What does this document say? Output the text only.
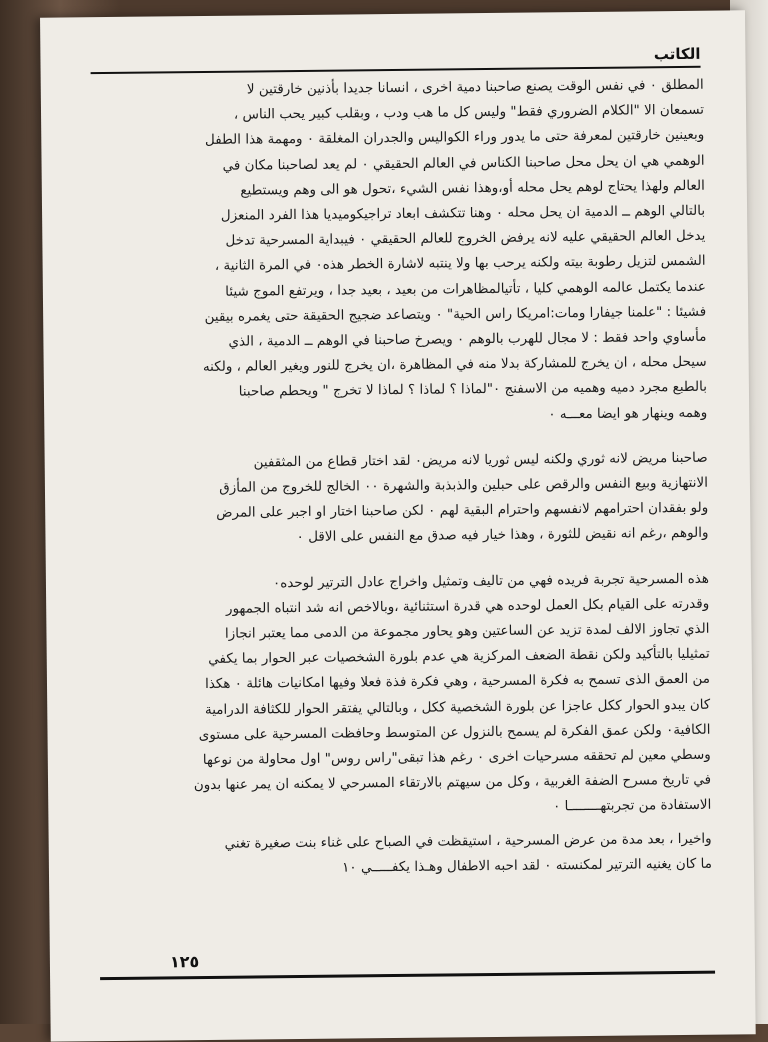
الكاتب
المطلق ٠ في نفس الوقت يصنع صاحبنا دمية اخرى ، انسانا جديدا بأذنين خارقتين لا
تسمعان الا "الكلام الضروري فقط" وليس كل ما هب ودب ، وبقلب كبير يحب الناس ،
وبعينين خارقتين لمعرفة حتى ما يدور وراء الكواليس والجدران المغلقة ٠ ومهمة هذا الطفل
الوهمي هي ان يحل محل صاحبنا الكناس في العالم الحقيقي ٠ لم يعد لصاحبنا مكان في
العالم ولهذا يحتاج لوهم يحل محله أو،وهذا نفس الشيء ،تحول هو الى وهم ويستطيع
بالتالي الوهم ــ الدمية ان يحل محله ٠ وهنا تتكشف ابعاد تراجيكوميديا هذا الفرد المنعزل
يدخل العالم الحقيقي عليه لانه يرفض الخروج للعالم الحقيقي ٠ فيبداية المسرحية تدخل
الشمس لتزيل رطوبة بيته ولكنه يرحب بها ولا ينتبه لاشارة الخطر هذه٠ في المرة الثانية ،
عندما يكتمل عالمه الوهمي كليا ، تأتيالمظاهرات من بعيد ، بعيد جدا ، ويرتفع الموج شيئا
فشيئا : "علمنا جيفارا ومات:امريكا راس الحية" ٠ ويتصاعد ضجيج الحقيقة حتى يغمره بيقين
مأساوي واحد فقط : لا مجال للهرب بالوهم ٠ ويصرخ صاحبنا في الوهم ــ الدمية ، الذي
سيحل محله ، ان يخرج للمشاركة بدلا منه في المظاهرة ،ان يخرج للنور ويغير العالم ، ولكنه
بالطبع مجرد دميه وهميه من الاسفنج ٠"لماذا ؟ لماذا ؟ لماذا لا تخرج " ويحطم صاحبنا
وهمه وينهار هو ايضا معـــه ٠
صاحبنا مريض لانه ثوري ولكنه ليس ثوريا لانه مريض٠ لقد اختار قطاع من المثقفين
الانتهازية وبيع النفس والرقص على حبلين والذبذبة والشهرة ٠٠ الخالج للخروج من المأزق
ولو بفقدان احترامهم لانفسهم واحترام البقية لهم ٠ لكن صاحبنا اختار او اجبر على المرض
والوهم ،رغم انه نقيض للثورة ، وهذا خيار فيه صدق مع النفس على الاقل ٠
هذه المسرحية تجربة فريده فهي من تاليف وتمثيل واخراج عادل الترتير لوحده٠
وقدرته على القيام بكل العمل لوحده هي قدرة استثنائية ،وبالاخص انه شد انتباه الجمهور
الذي تجاوز الالف لمدة تزيد عن الساعتين وهو يحاور مجموعة من الدمى مما يعتبر انجازا
تمثيليا بالتأكيد ولكن نقطة الضعف المركزية هي عدم بلورة الشخصيات عبر الحوار بما يكفي
من العمق الذى تسمح به فكرة المسرحية ، وهي فكرة فذة فعلا وفيها امكانيات هائلة ٠ هكذا
كان يبدو الحوار ككل عاجزا عن بلورة الشخصية ككل ، وبالتالي يفتقر الحوار للكثافة الدرامية
الكافية٠ ولكن عمق الفكرة لم يسمح بالنزول عن المتوسط وحافظت المسرحية على مستوى
وسطي معين لم تحققه مسرحيات اخرى ٠ رغم هذا تبقى"راس روس" اول محاولة من نوعها
في تاريخ مسرح الضفة الغربية ، وكل من سيهتم بالارتقاء المسرحي لا يمكنه ان يمر عنها بدون
الاستفادة من تجربتهــــــــا ٠
واخيرا ، بعد مدة من عرض المسرحية ، استيقظت في الصباح على غناء بنت صغيرة تغني
ما كان يغنيه الترتير لمكنسته ٠ لقد احبه الاطفال وهـذا يكفـــــي ١٠
١٢٥
